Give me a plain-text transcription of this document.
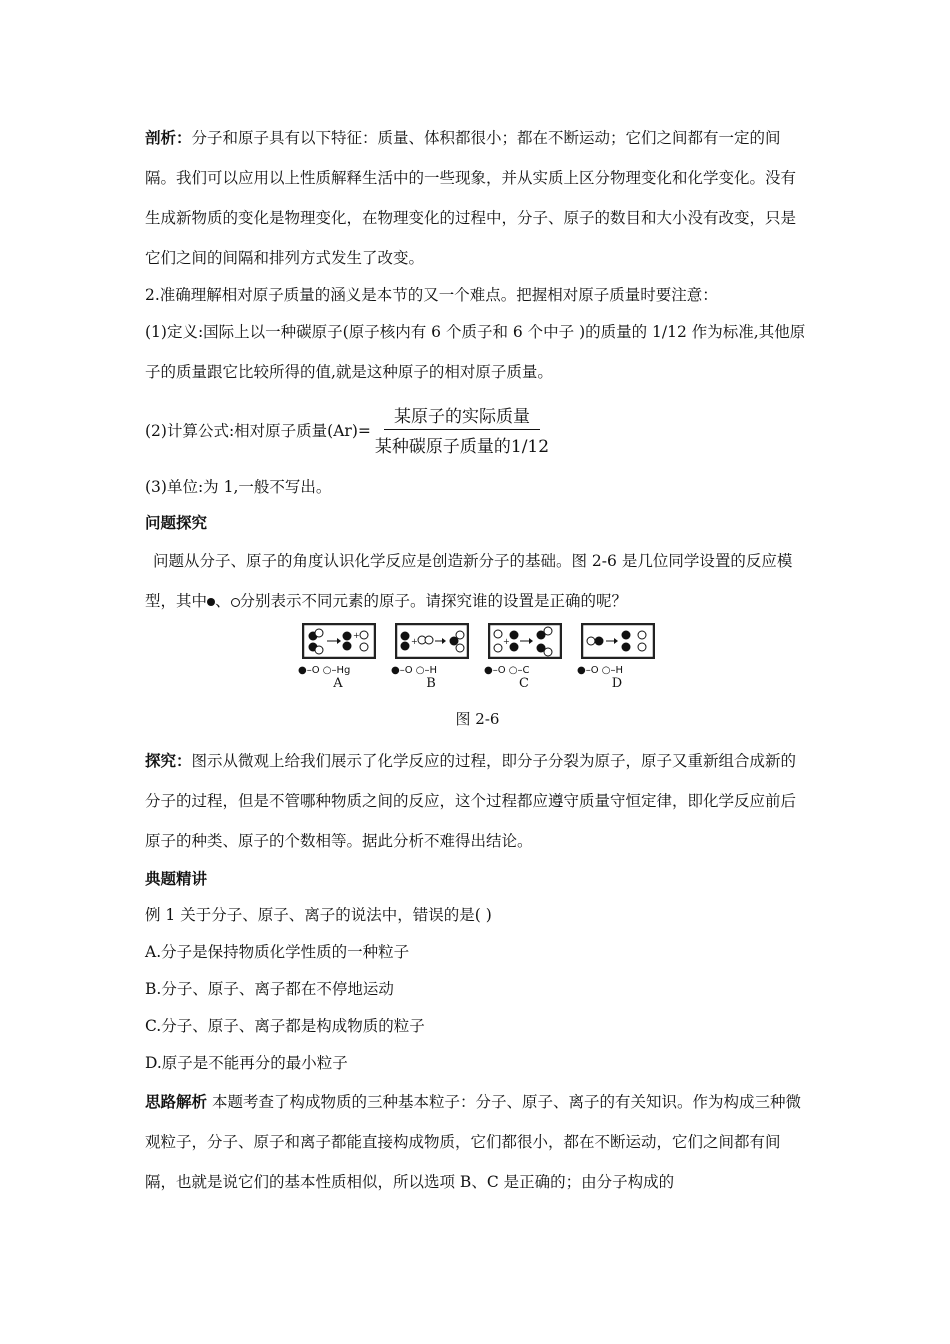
剖析：分子和原子具有以下特征：质量、体积都很小；都在不断运动；它们之间都有一定的间隔。我们可以应用以上性质解释生活中的一些现象，并从实质上区分物理变化和化学变化。没有生成新物质的变化是物理变化，在物理变化的过程中，分子、原子的数目和大小没有改变，只是它们之间的间隔和排列方式发生了改变。

2.准确理解相对原子质量的涵义是本节的又一个难点。把握相对原子质量时要注意：

(1)定义:国际上以一种碳原子(原子核内有 6 个质子和 6 个中子 )的质量的 1/12 作为标准,其他原子的质量跟它比较所得的值,就是这种原子的相对原子质量。

(2)计算公式:相对原子质量$(Ar)= \frac{\text{某原子的实际质量}}{\text{某种碳原子质量的1/12}}$

(3)单位:为 1,一般不写出。

问题探究

问题从分子、原子的角度认识化学反应是创造新分子的基础。图 2-6 是几位同学设置的反应模型，其中 、 分别表示不同元素的原子。请探究谁的设置是正确的呢？

+
●–O ○–Hg
A
+
●–O ○–H
B
+
●–O ○–C
C
●–O ○–H
D
图 2-6

探究：图示从微观上给我们展示了化学反应的过程，即分子分裂为原子，原子又重新组合成新的分子的过程，但是不管哪种物质之间的反应，这个过程都应遵守质量守恒定律，即化学反应前后原子的种类、原子的个数相等。据此分析不难得出结论。

典题精讲

例 1 关于分子、原子、离子的说法中，错误的是( )

A.分子是保持物质化学性质的一种粒子

B.分子、原子、离子都在不停地运动

C.分子、原子、离子都是构成物质的粒子

D.原子是不能再分的最小粒子

思路解析 本题考查了构成物质的三种基本粒子：分子、原子、离子的有关知识。作为构成三种微观粒子，分子、原子和离子都能直接构成物质，它们都很小，都在不断运动，它们之间都有间隔，也就是说它们的基本性质相似，所以选项 B、C 是正确的；由分子构成的
